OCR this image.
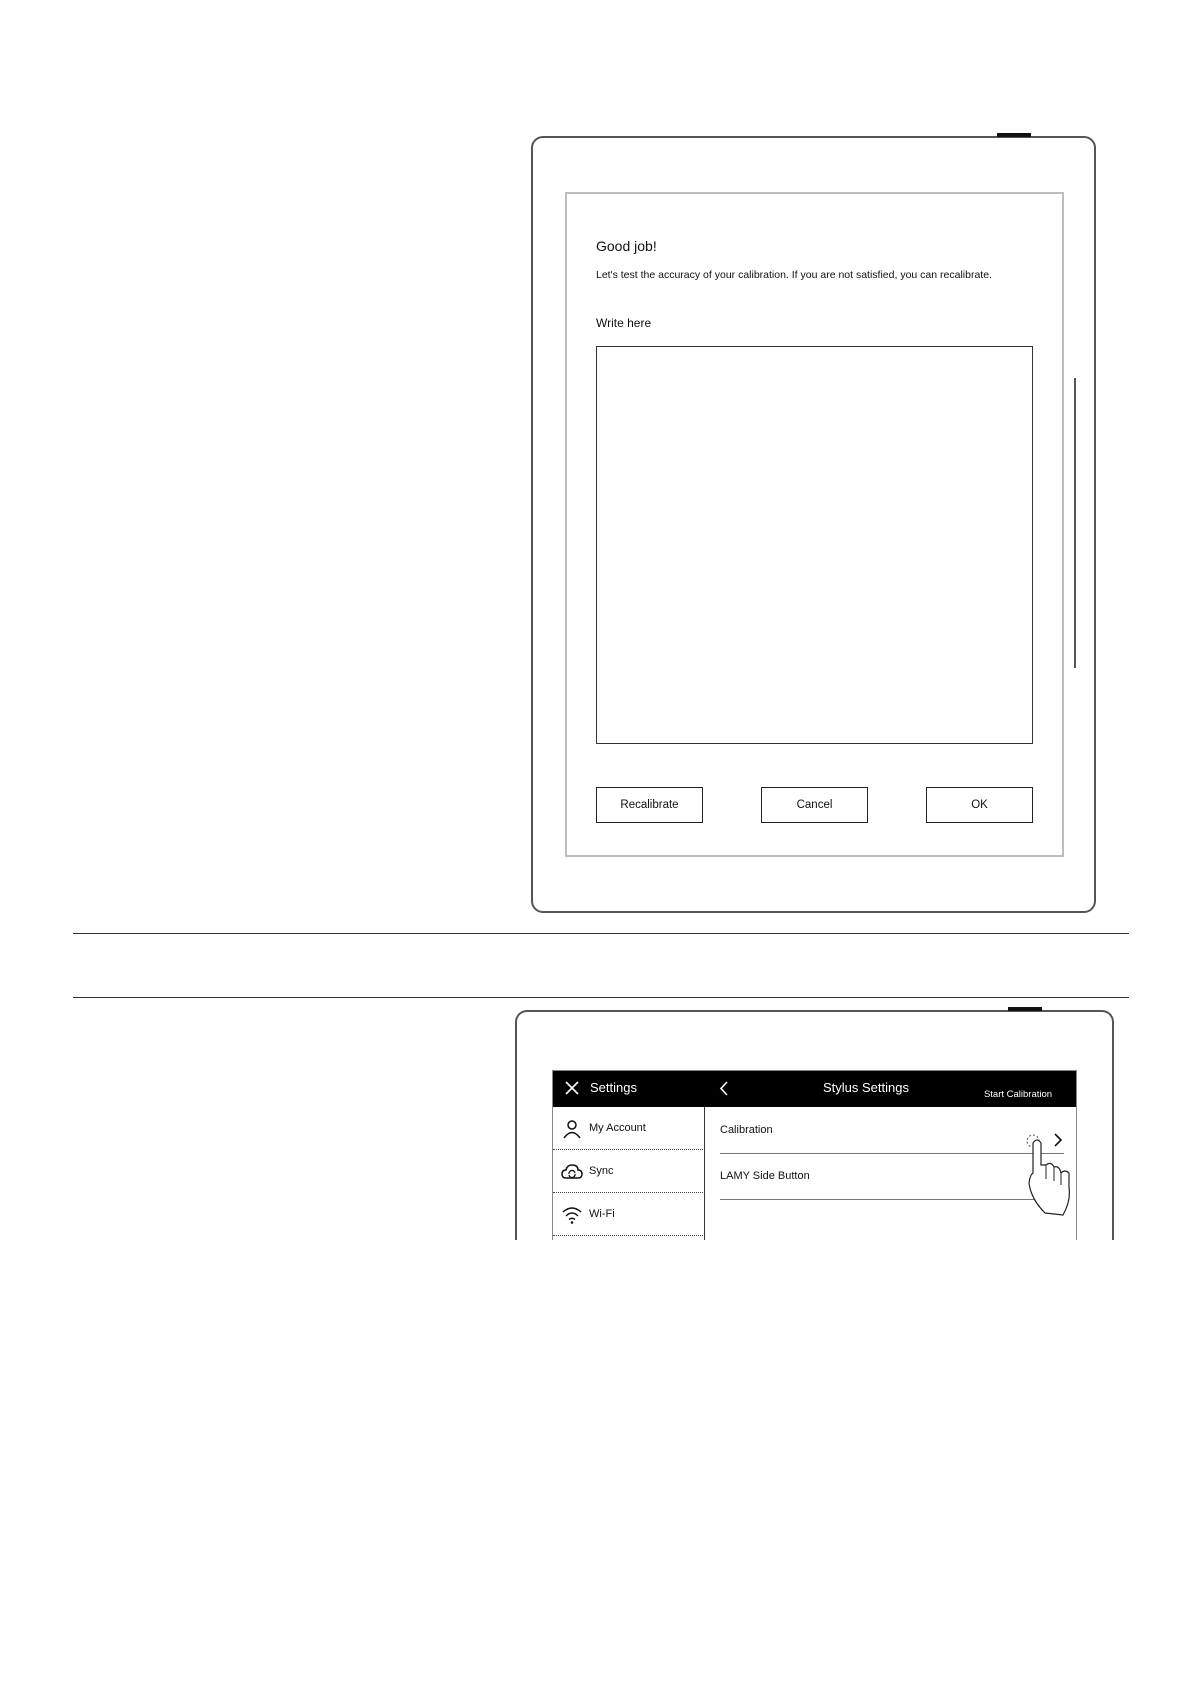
Good job!
Let's test the accuracy of your calibration. If you are not satisfied, you can recalibrate.
Write here
Recalibrate	Cancel	OK
Settings	Stylus Settings
My Account
Sync
Wi-Fi
Calibration
Start Calibration
LAMY Side Button
